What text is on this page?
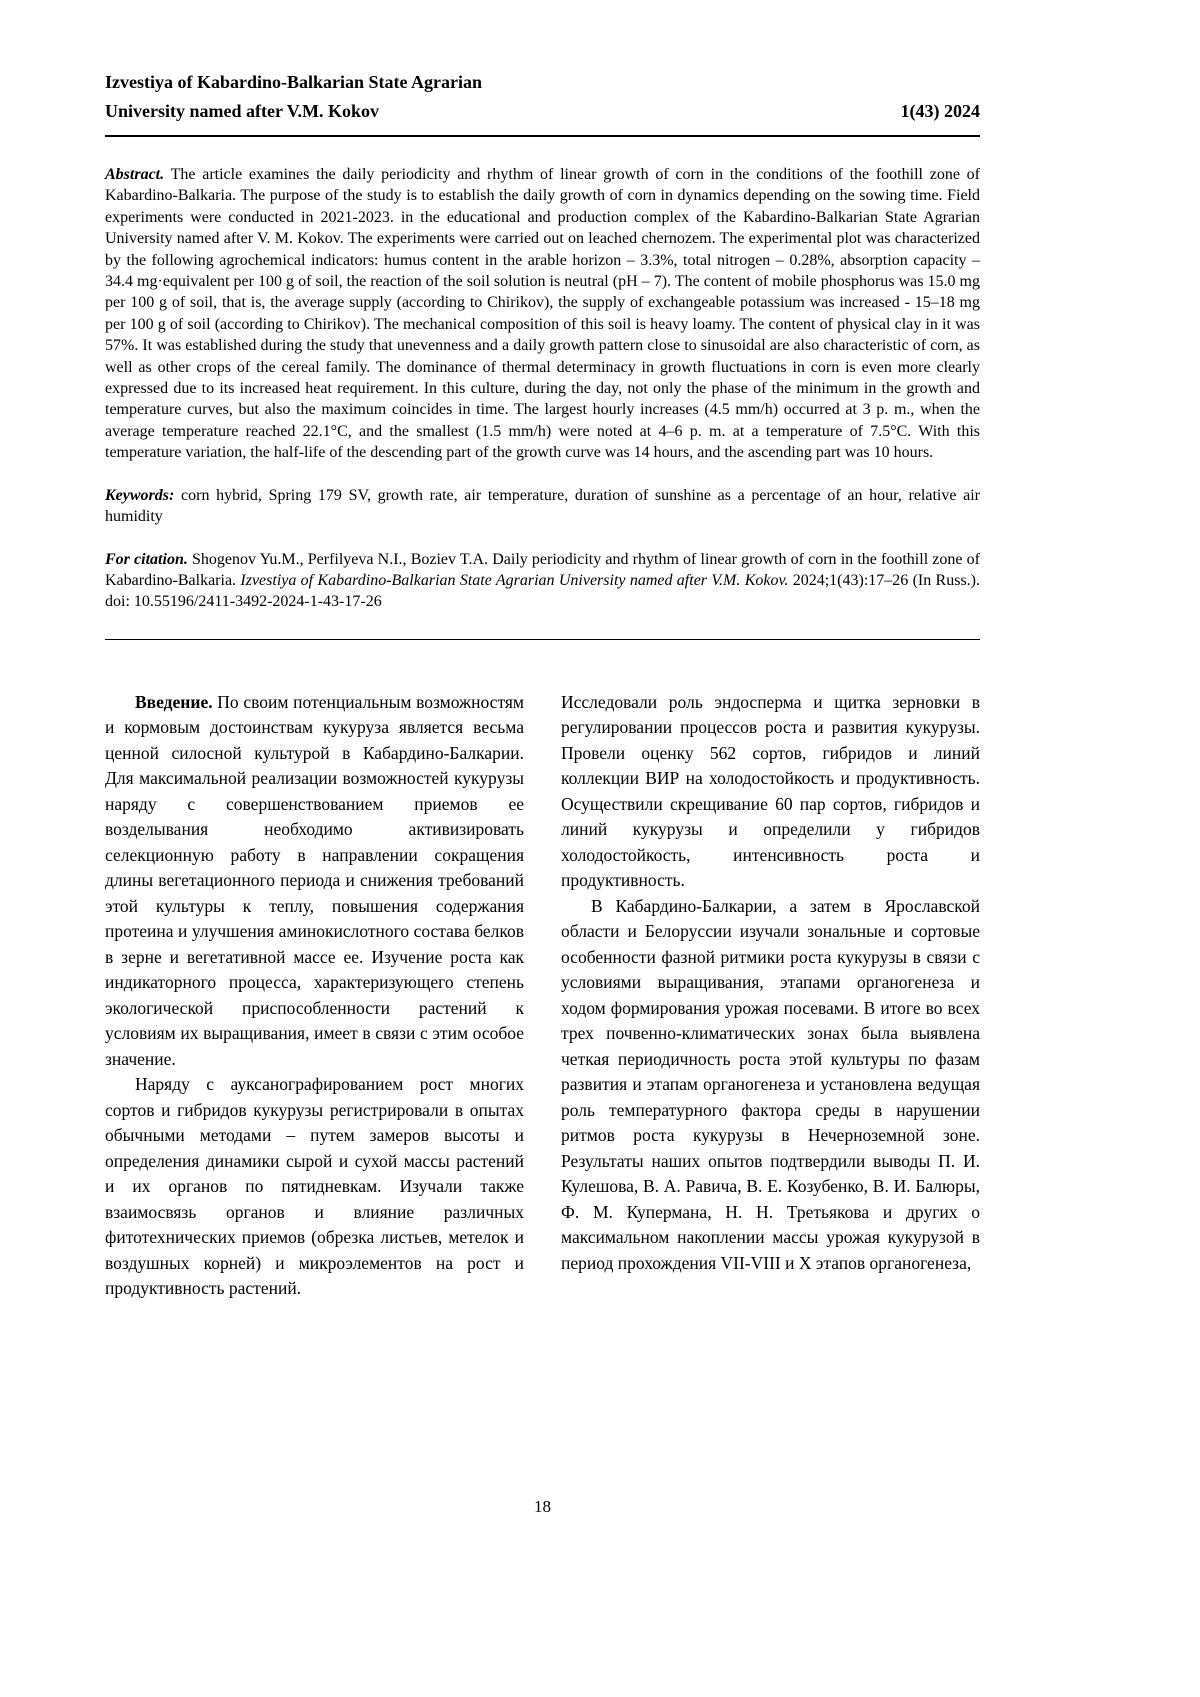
Izvestiya of Kabardino-Balkarian State Agrarian
University named after V.M. Kokov	1(43) 2024

Abstract. The article examines the daily periodicity and rhythm of linear growth of corn in the conditions of the foothill zone of Kabardino-Balkaria. The purpose of the study is to establish the daily growth of corn in dynamics depending on the sowing time. Field experiments were conducted in 2021-2023. in the educational and production complex of the Kabardino-Balkarian State Agrarian University named after V. M. Kokov. The experiments were carried out on leached chernozem. The experimental plot was characterized by the following agrochemical indicators: humus content in the arable horizon – 3.3%, total nitrogen – 0.28%, absorption capacity – 34.4 mg·equivalent per 100 g of soil, the reaction of the soil solution is neutral (pH – 7). The content of mobile phosphorus was 15.0 mg per 100 g of soil, that is, the average supply (according to Chirikov), the supply of exchangeable potassium was increased - 15–18 mg per 100 g of soil (according to Chirikov). The mechanical composition of this soil is heavy loamy. The content of physical clay in it was 57%. It was established during the study that unevenness and a daily growth pattern close to sinusoidal are also characteristic of corn, as well as other crops of the cereal family. The dominance of thermal determinacy in growth fluctuations in corn is even more clearly expressed due to its increased heat requirement. In this culture, during the day, not only the phase of the minimum in the growth and temperature curves, but also the maximum coincides in time. The largest hourly increases (4.5 mm/h) occurred at 3 p. m., when the average temperature reached 22.1°C, and the smallest (1.5 mm/h) were noted at 4–6 p. m. at a temperature of 7.5°C. With this temperature variation, the half-life of the descending part of the growth curve was 14 hours, and the ascending part was 10 hours.

Keywords: corn hybrid, Spring 179 SV, growth rate, air temperature, duration of sunshine as a percentage of an hour, relative air humidity

For citation. Shogenov Yu.M., Perfilyeva N.I., Boziev T.A. Daily periodicity and rhythm of linear growth of corn in the foothill zone of Kabardino-Balkaria. Izvestiya of Kabardino-Balkarian State Agrarian University named after V.M. Kokov. 2024;1(43):17–26 (In Russ.). doi: 10.55196/2411-3492-2024-1-43-17-26

Введение. По своим потенциальным возможностям и кормовым достоинствам кукуруза является весьма ценной силосной культурой в Кабардино-Балкарии. Для максимальной реализации возможностей кукурузы наряду с совершенствованием приемов ее возделывания необходимо активизировать селекционную работу в направлении сокращения длины вегетационного периода и снижения требований этой культуры к теплу, повышения содержания протеина и улучшения аминокислотного состава белков в зерне и вегетативной массе ее. Изучение роста как индикаторного процесса, характеризующего степень экологической приспособленности растений к условиям их выращивания, имеет в связи с этим особое значение.

Наряду с ауксанографированием рост многих сортов и гибридов кукурузы регистрировали в опытах обычными методами – путем замеров высоты и определения динамики сырой и сухой массы растений и их органов по пятидневкам. Изучали также взаимосвязь органов и влияние различных фитотехнических приемов (обрезка листьев, метелок и воздушных корней) и микроэлементов на рост и продуктивность растений.

Исследовали роль эндосперма и щитка зерновки в регулировании процессов роста и развития кукурузы. Провели оценку 562 сортов, гибридов и линий коллекции ВИР на холодостойкость и продуктивность. Осуществили скрещивание 60 пар сортов, гибридов и линий кукурузы и определили у гибридов холодостойкость, интенсивность роста и продуктивность.

В Кабардино-Балкарии, а затем в Ярославской области и Белоруссии изучали зональные и сортовые особенности фазной ритмики роста кукурузы в связи с условиями выращивания, этапами органогенеза и ходом формирования урожая посевами. В итоге во всех трех почвенно-климатических зонах была выявлена четкая периодичность роста этой культуры по фазам развития и этапам органогенеза и установлена ведущая роль температурного фактора среды в нарушении ритмов роста кукурузы в Нечерноземной зоне. Результаты наших опытов подтвердили выводы П. И. Кулешова, В. А. Равича, В. Е. Козубенко, В. И. Балюры, Ф. М. Купермана, Н. Н. Третьякова и других о максимальном накоплении массы урожая кукурузой в период прохождения VII-VIII и X этапов органогенеза,

18
